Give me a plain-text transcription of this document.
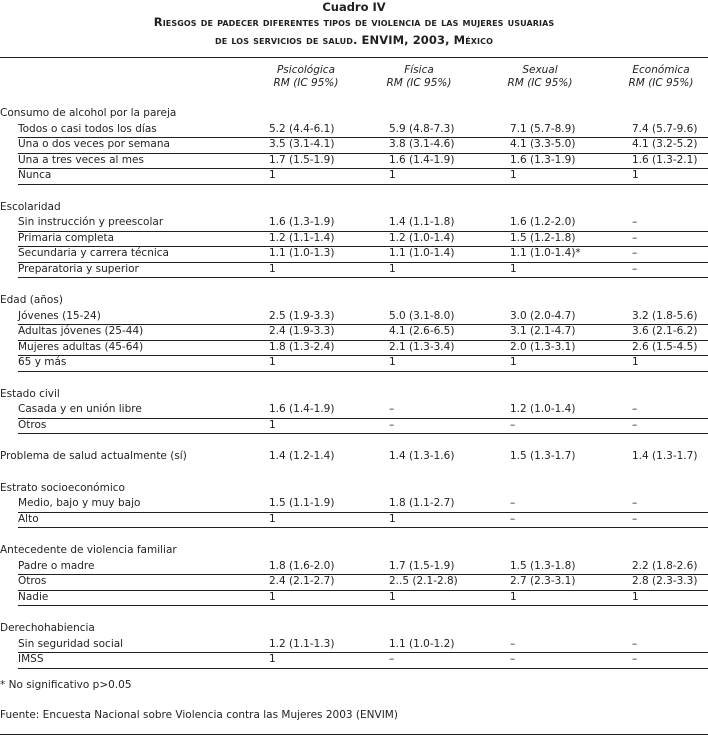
Cuadro IV
Riesgos de padecer diferentes tipos de violencia de las mujeres usuarias
de los servicios de salud. ENVIM, 2003, México
Psicológica
RM (IC 95%)
Física
RM (IC 95%)
Sexual
RM (IC 95%)
Económica
RM (IC 95%)
Consumo de alcohol por la pareja
Todos o casi todos los días	5.2 (4.4-6.1)	5.9 (4.8-7.3)	7.1 (5.7-8.9)	7.4 (5.7-9.6)
Una o dos veces por semana	3.5 (3.1-4.1)	3.8 (3.1-4.6)	4.1 (3.3-5.0)	4.1 (3.2-5.2)
Una a tres veces al mes	1.7 (1.5-1.9)	1.6 (1.4-1.9)	1.6 (1.3-1.9)	1.6 (1.3-2.1)
Nunca	1	1	1	1
Escolaridad
Sin instrucción y preescolar	1.6 (1.3-1.9)	1.4 (1.1-1.8)	1.6 (1.2-2.0)	–
Primaria completa	1.2 (1.1-1.4)	1.2 (1.0-1.4)	1.5 (1.2-1.8)	–
Secundaria y carrera técnica	1.1 (1.0-1.3)	1.1 (1.0-1.4)	1.1 (1.0-1.4)*	–
Preparatoria y superior	1	1	1	–
Edad (años)
Jóvenes (15-24)	2.5 (1.9-3.3)	5.0 (3.1-8.0)	3.0 (2.0-4.7)	3.2 (1.8-5.6)
Adultas jóvenes (25-44)	2.4 (1.9-3.3)	4.1 (2.6-6.5)	3.1 (2.1-4.7)	3.6 (2.1-6.2)
Mujeres adultas (45-64)	1.8 (1.3-2.4)	2.1 (1.3-3.4)	2.0 (1.3-3.1)	2.6 (1.5-4.5)
65 y más	1	1	1	1
Estado civil
Casada y en unión libre	1.6 (1.4-1.9)	–	1.2 (1.0-1.4)	–
Otros	1	–	–	–
Problema de salud actualmente (sí)	1.4 (1.2-1.4)	1.4 (1.3-1.6)	1.5 (1.3-1.7)	1.4 (1.3-1.7)
Estrato socioeconómico
Medio, bajo y muy bajo	1.5 (1.1-1.9)	1.8 (1.1-2.7)	–	–
Alto	1	1	–	–
Antecedente de violencia familiar
Padre o madre	1.8 (1.6-2.0)	1.7 (1.5-1.9)	1.5 (1.3-1.8)	2.2 (1.8-2.6)
Otros	2.4 (2.1-2.7)	2..5 (2.1-2.8)	2.7 (2.3-3.1)	2.8 (2.3-3.3)
Nadie	1	1	1	1
Derechohabiencia
Sin seguridad social	1.2 (1.1-1.3)	1.1 (1.0-1.2)	–	–
IMSS	1	–	–	–
* No significativo p>0.05
Fuente: Encuesta Nacional sobre Violencia contra las Mujeres 2003 (ENVIM)
